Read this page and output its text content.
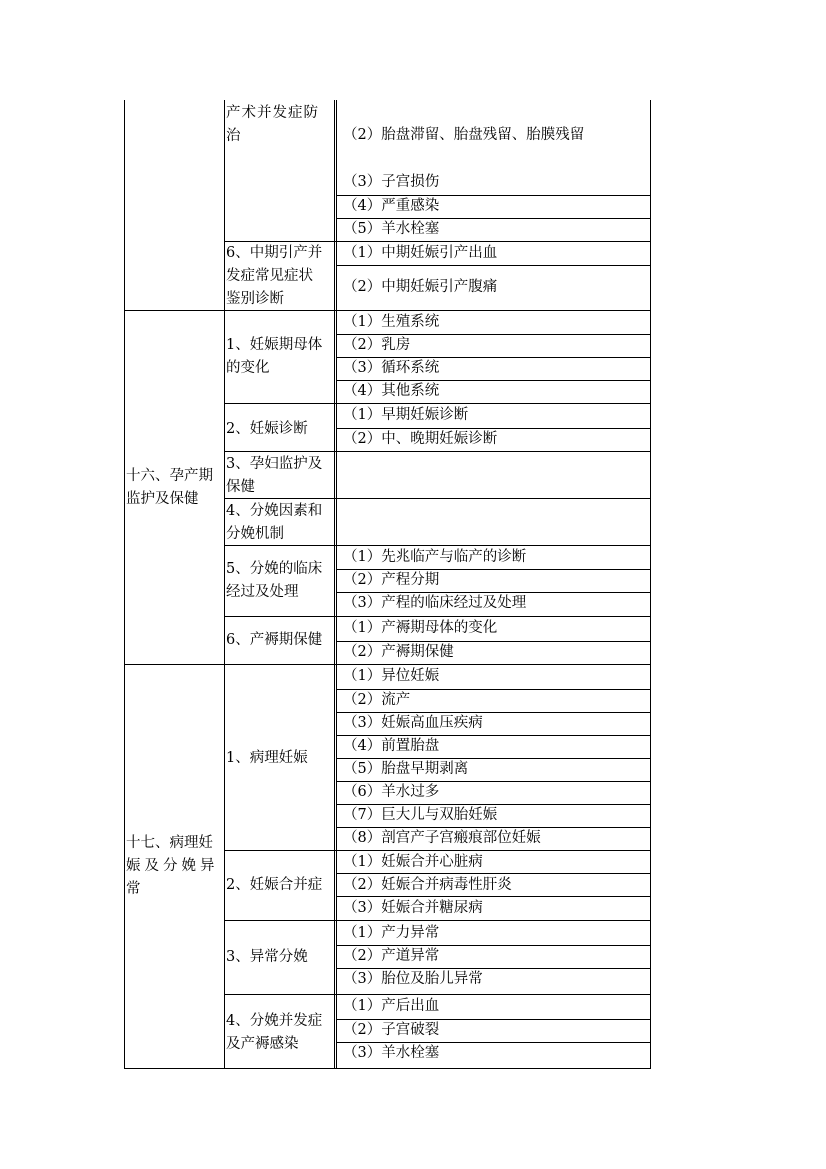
十六、孕产期
监护及保健
十七、病理妊
娠及分娩异
常
产术并发症防
治
6、中期引产并
发症常见症状
鉴别诊断
1、妊娠期母体
的变化
2、妊娠诊断
3、孕妇监护及
保健
4、分娩因素和
分娩机制
5、分娩的临床
经过及处理
6、产褥期保健
1、病理妊娠
2、妊娠合并症
3、异常分娩
4、分娩并发症
及产褥感染
（2）胎盘滞留、胎盘残留、胎膜残留
（3）子宫损伤
（4）严重感染
（5）羊水栓塞
（1）中期妊娠引产出血
（2）中期妊娠引产腹痛
（1）生殖系统
（2）乳房
（3）循环系统
（4）其他系统
（1）早期妊娠诊断
（2）中、晚期妊娠诊断
（1）先兆临产与临产的诊断
（2）产程分期
（3）产程的临床经过及处理
（1）产褥期母体的变化
（2）产褥期保健
（1）异位妊娠
（2）流产
（3）妊娠高血压疾病
（4）前置胎盘
（5）胎盘早期剥离
（6）羊水过多
（7）巨大儿与双胎妊娠
（8）剖宫产子宫瘢痕部位妊娠
（1）妊娠合并心脏病
（2）妊娠合并病毒性肝炎
（3）妊娠合并糖尿病
（1）产力异常
（2）产道异常
（3）胎位及胎儿异常
（1）产后出血
（2）子宫破裂
（3）羊水栓塞
